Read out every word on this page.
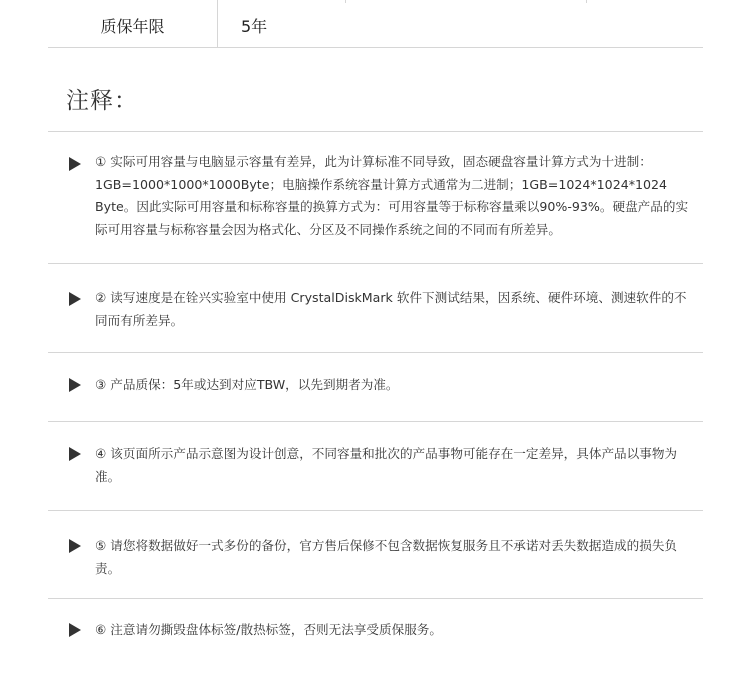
质保年限	5年
注释：
① 实际可用容量与电脑显示容量有差异，此为计算标准不同导致，固态硬盘容量计算方式为十进制：1GB=1000*1000*1000Byte；电脑操作系统容量计算方式通常为二进制；1GB=1024*1024*1024 Byte。因此实际可用容量和标称容量的换算方式为：可用容量等于标称容量乘以90%-93%。硬盘产品的实际可用容量与标称容量会因为格式化、分区及不同操作系统之间的不同而有所差异。
② 读写速度是在铨兴实验室中使用 CrystalDiskMark 软件下测试结果，因系统、硬件环境、测速软件的不同而有所差异。
③ 产品质保：5年或达到对应TBW，以先到期者为准。
④ 该页面所示产品示意图为设计创意，不同容量和批次的产品事物可能存在一定差异，具体产品以事物为准。
⑤ 请您将数据做好一式多份的备份，官方售后保修不包含数据恢复服务且不承诺对丢失数据造成的损失负责。
⑥ 注意请勿撕毁盘体标签/散热标签，否则无法享受质保服务。
